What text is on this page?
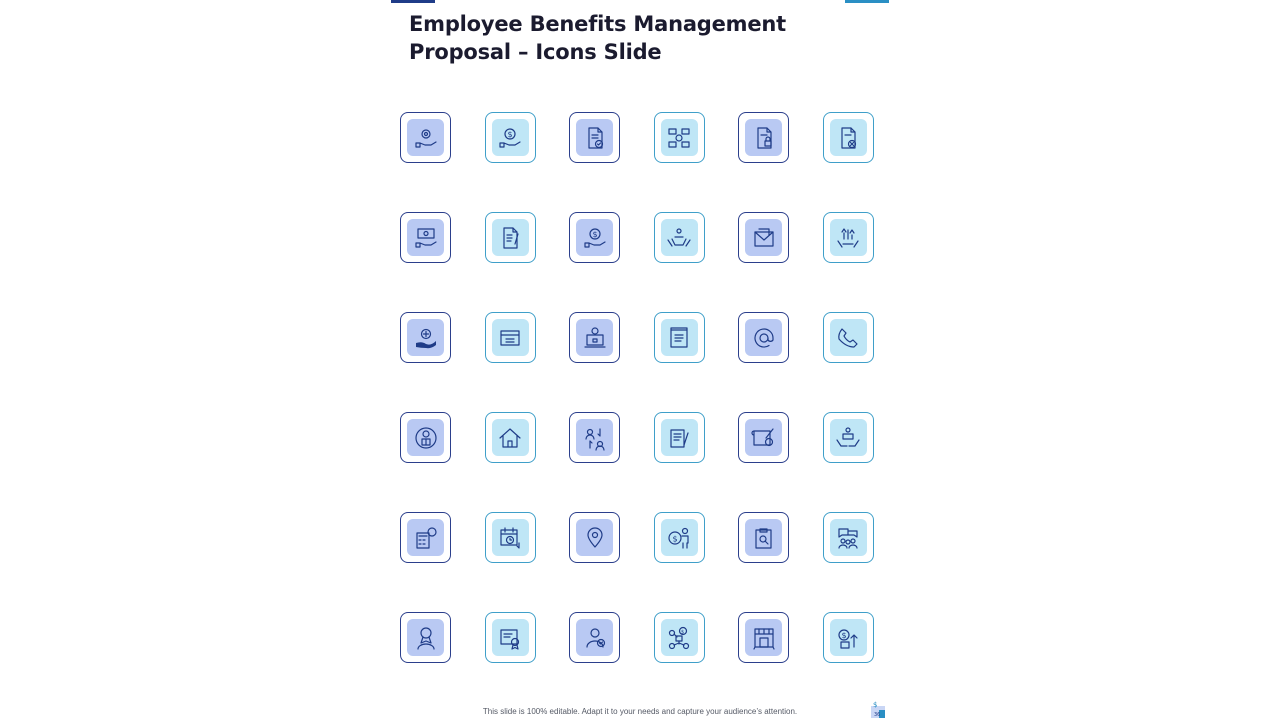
Employee Benefits Management Proposal – Icons Slide
$
$
$
$	$

This slide is 100% editable. Adapt it to your needs and capture your audience’s attention.

$
36
